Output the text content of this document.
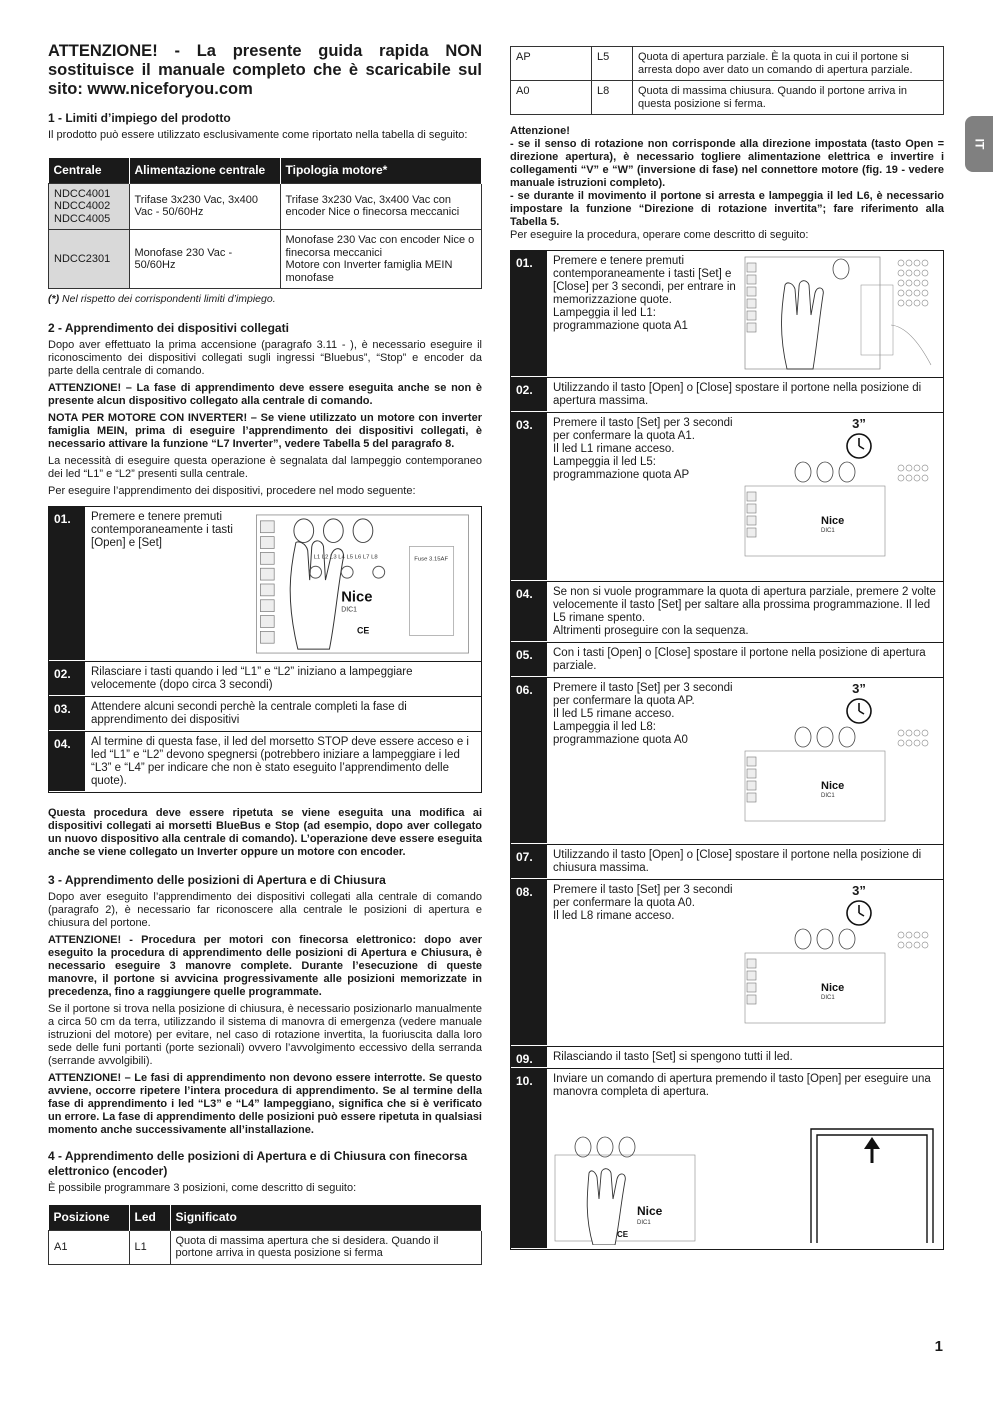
IT
ATTENZIONE! - La presente guida rapida NON sostituisce il manuale completo che è scaricabile sul sito: www.niceforyou.com
1 - Limiti d’impiego del prodotto

Il prodotto può essere utilizzato esclusivamente come riportato nella tabella di seguito:

Centrale	Alimentazione centrale	Tipologia motore*
NDCC4001
NDCC4002
NDCC4005	Trifase 3x230 Vac, 3x400 Vac - 50/60Hz	Trifase 3x230 Vac, 3x400 Vac con encoder Nice o finecorsa meccanici
NDCC2301	Monofase 230 Vac - 50/60Hz	Monofase 230 Vac con encoder Nice o finecorsa meccanici
Motore con Inverter famiglia MEIN monofase
(*) Nel rispetto dei corrispondenti limiti d’impiego.
2 - Apprendimento dei dispositivi collegati

Dopo aver effettuato la prima accensione (paragrafo 3.11 - ), è necessario eseguire il riconoscimento dei dispositivi collegati sugli ingressi “Bluebus”, “Stop” e encoder da parte della centrale di comando.

ATTENZIONE! – La fase di apprendimento deve essere eseguita anche se non è presente alcun dispositivo collegato alla centrale di comando.

NOTA PER MOTORE CON INVERTER! – Se viene utilizzato un motore con inverter famiglia MEIN, prima di eseguire l’apprendimento dei dispositivi collegati, è necessario attivare la funzione “L7 Inverter”, vedere Tabella 5 del paragrafo 8.

La necessità di eseguire questa operazione è segnalata dal lampeggio contemporaneo dei led “L1” e “L2” presenti sulla centrale.

Per eseguire l’apprendimento dei dispositivi, procedere nel modo seguente:

01.	Premere e tenere premuti contemporaneamente i tasti [Open] e [Set]
L1 L2 L3 L4 L5 L6 L7 L8
Nice
DIC1
Fuse 3.15AF
CE
02.	Rilasciare i tasti quando i led “L1” e “L2” iniziano a lampeggiare velocemente (dopo circa 3 secondi)
03.	Attendere alcuni secondi perchè la centrale completi la fase di apprendimento dei dispositivi
04.	Al termine di questa fase, il led del morsetto STOP deve essere acceso e i led “L1” e “L2” devono spegnersi (potrebbero iniziare a lampeggiare i led “L3” e “L4” per indicare che non è stato eseguito l’apprendimento delle quote).

Questa procedura deve essere ripetuta se viene eseguita una modifica ai dispositivi collegati ai morsetti BlueBus e Stop (ad esempio, dopo aver collegato un nuovo dispositivo alla centrale di comando). L’operazione deve essere eseguita anche se viene collegato un Inverter oppure un motore con encoder.

3 - Apprendimento delle posizioni di Apertura e di Chiusura

Dopo aver eseguito l’apprendimento dei dispositivi collegati alla centrale di comando (paragrafo 2), è necessario far riconoscere alla centrale le posizioni di apertura e chiusura del portone.

ATTENZIONE! - Procedura per motori con finecorsa elettronico: dopo aver eseguito la procedura di apprendimento delle posizioni di Apertura e Chiusura, è necessario eseguire 3 manovre complete. Durante l’esecuzione di queste manovre, il portone si avvicina progressivamente alle posizioni memorizzate in precedenza, fino a raggiungere quelle programmate.

Se il portone si trova nella posizione di chiusura, è necessario posizionarlo manualmente a circa 50 cm da terra, utilizzando il sistema di manovra di emergenza (vedere manuale istruzioni del motore) per evitare, nel caso di rotazione invertita, la fuoriuscita dalla loro sede delle funi portanti (porte sezionali) ovvero l’avvolgimento eccessivo della serranda (serrande avvolgibili).

ATTENZIONE! – Le fasi di apprendimento non devono essere interrotte. Se questo avviene, occorre ripetere l’intera procedura di apprendimento. Se al termine della fase di apprendimento i led “L3” e “L4” lampeggiano, significa che si è verificato un errore. La fase di apprendimento delle posizioni può essere ripetuta in qualsiasi momento anche successivamente all’installazione.

4 - Apprendimento delle posizioni di Apertura e di Chiusura con finecorsa elettronico (encoder)

È possibile programmare 3 posizioni, come descritto di seguito:

Posizione	Led	Significato
A1	L1	Quota di massima apertura che si desidera. Quando il portone arriva in questa posizione si ferma
AP	L5	Quota di apertura parziale. È la quota in cui il portone si arresta dopo aver dato un comando di apertura parziale.
A0	L8	Quota di massima chiusura. Quando il portone arriva in questa posizione si ferma.

Attenzione!

- se il senso di rotazione non corrisponde alla direzione impostata (tasto Open = direzione apertura), è necessario togliere alimentazione elettrica e invertire i collegamenti “V” e “W” (inversione di fase) nel connettore motore (fig. 19 - vedere manuale istruzioni completo).

- se durante il movimento il portone si arresta e lampeggia il led L6, è necessario impostare la funzione “Direzione di rotazione invertita”; fare riferimento alla Tabella 5.

Per eseguire la procedura, operare come descritto di seguito:

01.	Premere e tenere premuti contemporaneamente i tasti [Set] e [Close] per 3 secondi, per entrare in memorizzazione quote.
Lampeggia il led L1: programmazione quota A1
02.	Utilizzando il tasto [Open] o [Close] spostare il portone nella posizione di apertura massima.
03.	Premere il tasto [Set] per 3 secondi per confermare la quota A1.
Il led L1 rimane acceso.
Lampeggia il led L5: programmazione quota AP
3”
Nice
DIC1
04.	Se non si vuole programmare la quota di apertura parziale, premere 2 volte velocemente il tasto [Set] per saltare alla prossima programmazione. Il led L5 rimane spento.
Altrimenti proseguire con la sequenza.
05.	Con i tasti [Open] o [Close] spostare il portone nella posizione di apertura parziale.
06.	Premere il tasto [Set] per 3 secondi per confermare la quota AP.
Il led L5 rimane acceso.
Lampeggia il led L8: programmazione quota A0
3”
Nice
DIC1
07.	Utilizzando il tasto [Open] o [Close] spostare il portone nella posizione di chiusura massima.
08.	Premere il tasto [Set] per 3 secondi per confermare la quota A0.
Il led L8 rimane acceso.
3”
Nice
DIC1
09.	Rilasciando il tasto [Set] si spengono tutti il led.
10.	Inviare un comando di apertura premendo il tasto [Open] per eseguire una manovra completa di apertura.
Nice
DIC1
CE
1
